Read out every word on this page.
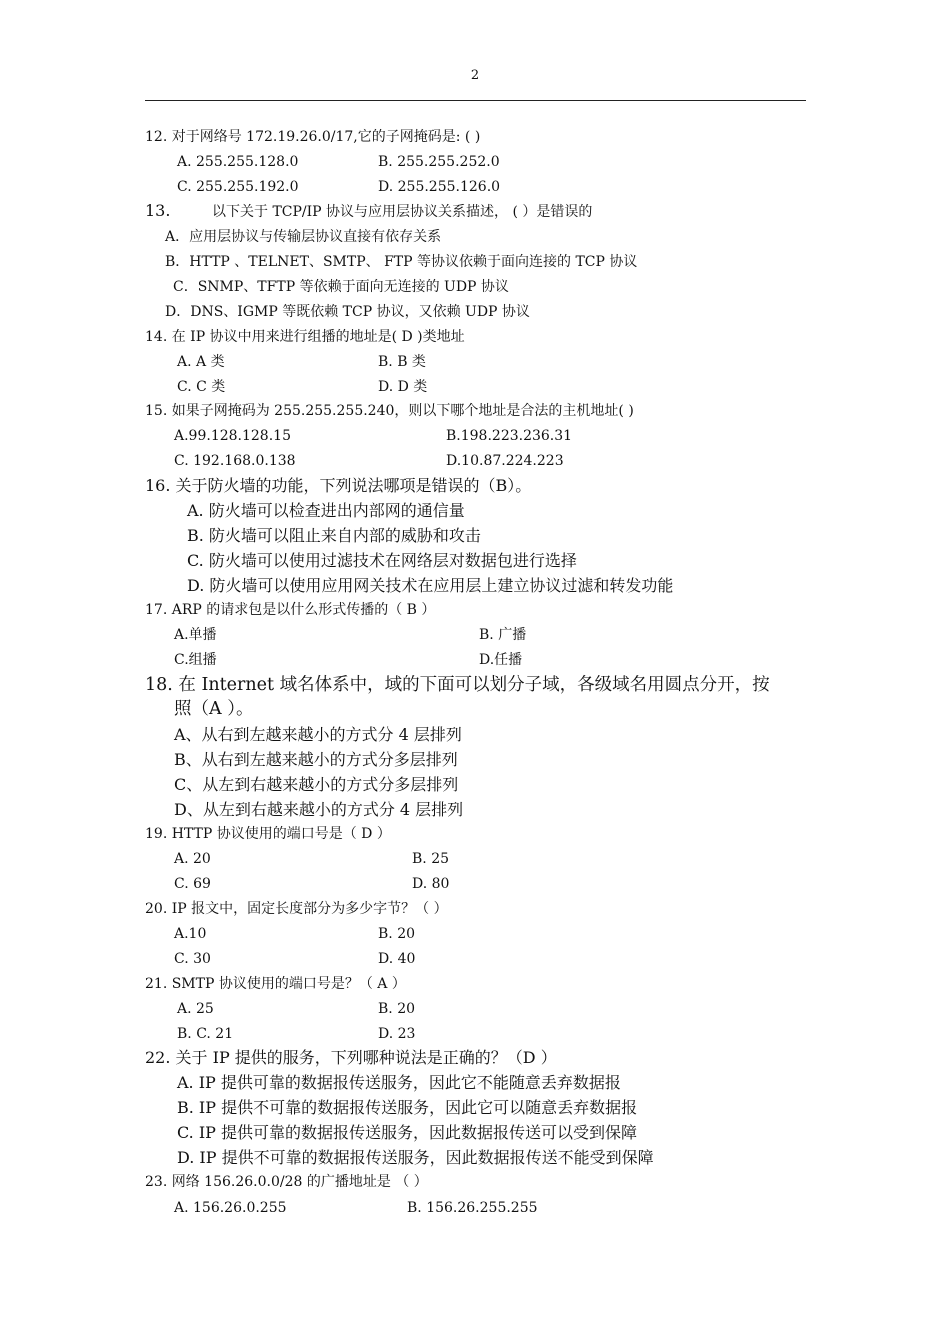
2
12. 对于网络号 172.19.26.0/17,它的子网掩码是: ( )
A. 255.255.128.0	B. 255.255.252.0
C. 255.255.192.0	D. 255.255.126.0
13.	以下关于 TCP/IP 协议与应用层协议关系描述， ( ）是错误的
A．应用层协议与传输层协议直接有依存关系
B．HTTP 、TELNET、SMTP、 FTP 等协议依赖于面向连接的 TCP 协议
C．SNMP、TFTP 等依赖于面向无连接的 UDP 协议
D．DNS、IGMP 等既依赖 TCP 协议，又依赖 UDP 协议
14. 在 IP 协议中用来进行组播的地址是( D )类地址
A. A 类	B. B 类
C. C 类	D. D 类
15. 如果子网掩码为 255.255.255.240，则以下哪个地址是合法的主机地址( )
A.99.128.128.15	B.198.223.236.31
C. 192.168.0.138	D.10.87.224.223
16. 关于防火墙的功能，下列说法哪项是错误的（B）。
A. 防火墙可以检查进出内部网的通信量
B. 防火墙可以阻止来自内部的威胁和攻击
C. 防火墙可以使用过滤技术在网络层对数据包进行选择
D. 防火墙可以使用应用网关技术在应用层上建立协议过滤和转发功能
17. ARP 的请求包是以什么形式传播的（ B ）
A.单播	B. 广播
C.组播	D.任播
18. 在 Internet 域名体系中，域的下面可以划分子域，各级域名用圆点分开，按
照（A ）。
A、从右到左越来越小的方式分 4 层排列
B、从右到左越来越小的方式分多层排列
C、从左到右越来越小的方式分多层排列
D、从左到右越来越小的方式分 4 层排列
19. HTTP 协议使用的端口号是（ D ）
A. 20	B. 25
C. 69	D. 80
20. IP 报文中，固定长度部分为多少字节？（ ）
A.10	B. 20
C. 30	D. 40
21. SMTP 协议使用的端口号是？（ A ）
A. 25	B. 20
B. C. 21	D. 23
22. 关于 IP 提供的服务，下列哪种说法是正确的？（D ）
A. IP 提供可靠的数据报传送服务，因此它不能随意丢弃数据报
B. IP 提供不可靠的数据报传送服务，因此它可以随意丢弃数据报
C. IP 提供可靠的数据报传送服务，因此数据报传送可以受到保障
D. IP 提供不可靠的数据报传送服务，因此数据报传送不能受到保障
23. 网络 156.26.0.0/28 的广播地址是 （ ）
A. 156.26.0.255	B. 156.26.255.255
